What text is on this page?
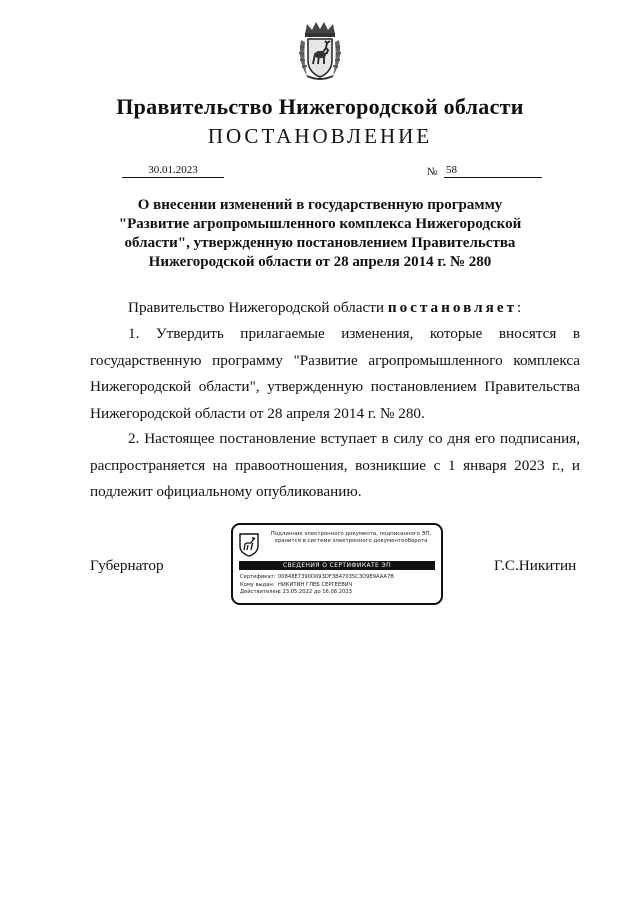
Правительство Нижегородской области
ПОСТАНОВЛЕНИЕ
30.01.2023	№ 58
О внесении изменений в государственную программу
"Развитие агропромышленного комплекса Нижегородской
области", утвержденную постановлением Правительства
Нижегородской области от 28 апреля 2014 г. № 280
Правительство Нижегородской области постановляет:
1. Утвердить прилагаемые изменения, которые вносятся в государственную программу "Развитие агропромышленного комплекса Нижегородской области", утвержденную постановлением Правительства Нижегородской области от 28 апреля 2014 г. № 280.
2. Настоящее постановление вступает в силу со дня его подписания, распространяется на правоотношения, возникшие с 1 января 2023 г., и подлежит официальному опубликованию.
Губернатор	Г.С.Никитин
Подлинник электронного документа, подписанного ЭП,
хранится в системе электронного документооборота
СВЕДЕНИЯ О СЕРТИФИКАТЕ ЭП
Сертификат: 00848E7390D093DF3B47035C3D9E9AAA7B
Кому выдан: НИКИТИН ГЛЕБ СЕРГЕЕВИЧ
Действителен:с 23.05.2022 до 16.08.2023
